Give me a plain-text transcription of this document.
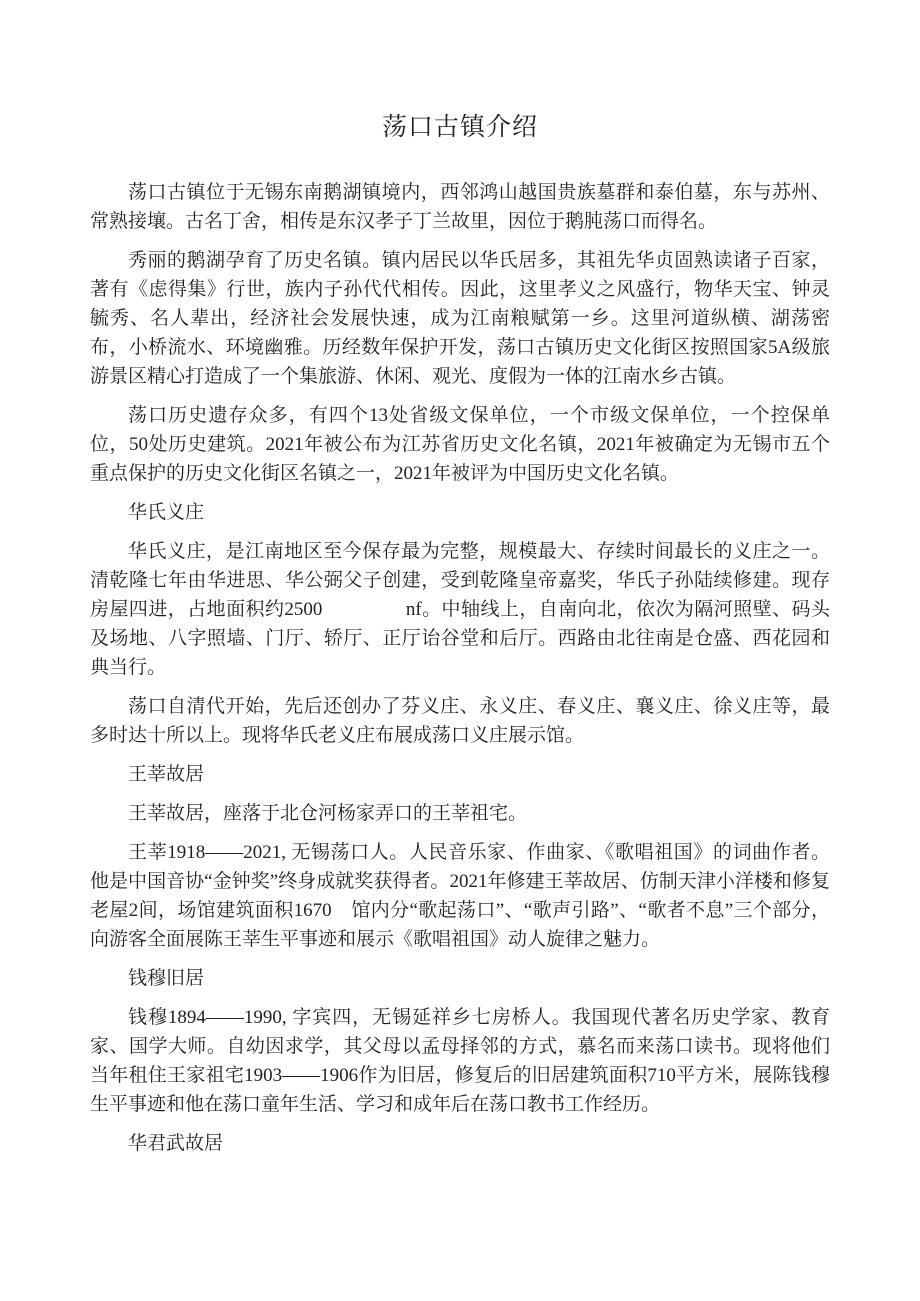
荡口古镇介绍

荡口古镇位于无锡东南鹅湖镇境内，西邻鸿山越国贵族墓群和泰伯墓，东与苏州、常熟接壤。古名丁舍，相传是东汉孝子丁兰故里，因位于鹅肫荡口而得名。

秀丽的鹅湖孕育了历史名镇。镇内居民以华氏居多，其祖先华贞固熟读诸子百家，著有《虑得集》行世，族内子孙代代相传。因此，这里孝义之风盛行，物华天宝、钟灵毓秀、名人辈出，经济社会发展快速，成为江南粮赋第一乡。这里河道纵横、湖荡密布，小桥流水、环境幽雅。历经数年保护开发，荡口古镇历史文化街区按照国家5A级旅游景区精心打造成了一个集旅游、休闲、观光、度假为一体的江南水乡古镇。

荡口历史遗存众多，有四个13处省级文保单位，一个市级文保单位，一个控保单位，50处历史建筑。2021年被公布为江苏省历史文化名镇，2021年被确定为无锡市五个重点保护的历史文化街区名镇之一，2021年被评为中国历史文化名镇。

华氏义庄

华氏义庄，是江南地区至今保存最为完整，规模最大、存续时间最长的义庄之一。清乾隆七年由华进思、华公弼父子创建，受到乾隆皇帝嘉奖，华氏子孙陆续修建。现存房屋四进，占地面积约2500　　　　 nf。中轴线上，自南向北，依次为隔河照壁、码头及场地、八字照墙、门厅、轿厅、正厅诒谷堂和后厅。西路由北往南是仓盛、西花园和典当行。

荡口自清代开始，先后还创办了芬义庄、永义庄、春义庄、襄义庄、徐义庄等，最多时达十所以上。现将华氏老义庄布展成荡口义庄展示馆。

王莘故居

王莘故居，座落于北仓河杨家弄口的王莘祖宅。

王莘1918——2021, 无锡荡口人。人民音乐家、作曲家、《歌唱祖国》的词曲作者。他是中国音协“金钟奖”终身成就奖获得者。2021年修建王莘故居、仿制天津小洋楼和修复老屋2间，场馆建筑面积1670　馆内分“歌起荡口”、“歌声引路”、“歌者不息”三个部分，向游客全面展陈王莘生平事迹和展示《歌唱祖国》动人旋律之魅力。

钱穆旧居

钱穆1894——1990, 字宾四，无锡延祥乡七房桥人。我国现代著名历史学家、教育家、国学大师。自幼因求学，其父母以孟母择邻的方式，慕名而来荡口读书。现将他们当年租住王家祖宅1903——1906作为旧居，修复后的旧居建筑面积710平方米，展陈钱穆生平事迹和他在荡口童年生活、学习和成年后在荡口教书工作经历。

华君武故居
